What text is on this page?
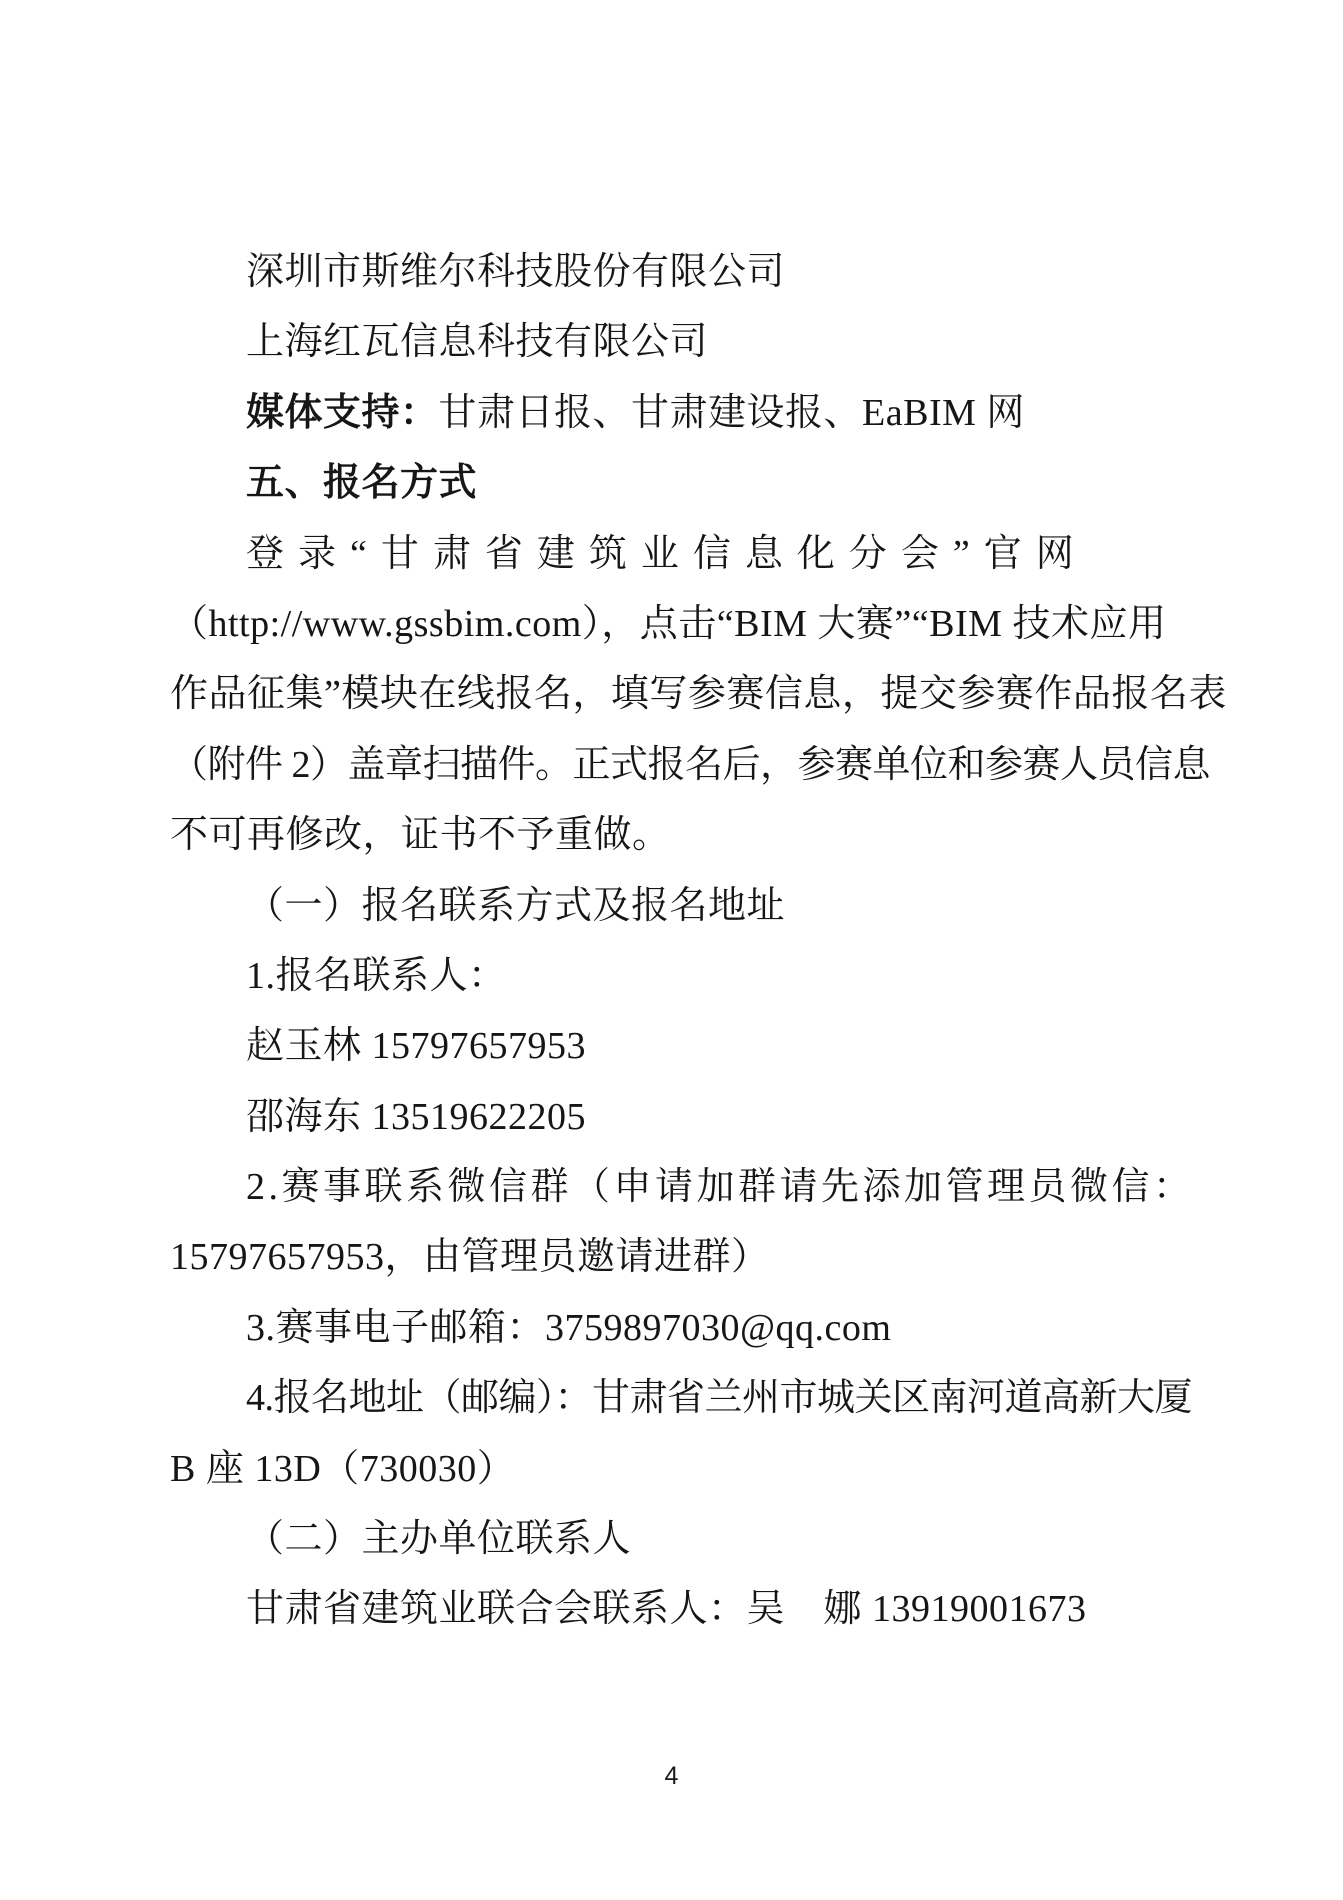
深圳市斯维尔科技股份有限公司
上海红瓦信息科技有限公司
媒体支持：甘肃日报、甘肃建设报、EaBIM 网
五、报名方式
登录“甘肃省建筑业信息化分会”官网
（http://www.gssbim.com），点击“BIM 大赛”“BIM 技术应用
作品征集”模块在线报名，填写参赛信息，提交参赛作品报名表
（附件 2）盖章扫描件。正式报名后，参赛单位和参赛人员信息
不可再修改，证书不予重做。
（一）报名联系方式及报名地址
1.报名联系人：
赵玉林 15797657953
邵海东 13519622205
2.赛事联系微信群（申请加群请先添加管理员微信：
15797657953，由管理员邀请进群）
3.赛事电子邮箱：3759897030@qq.com
4.报名地址（邮编）：甘肃省兰州市城关区南河道高新大厦
B 座 13D（730030）
（二）主办单位联系人
甘肃省建筑业联合会联系人：吴　娜 13919001673
4
